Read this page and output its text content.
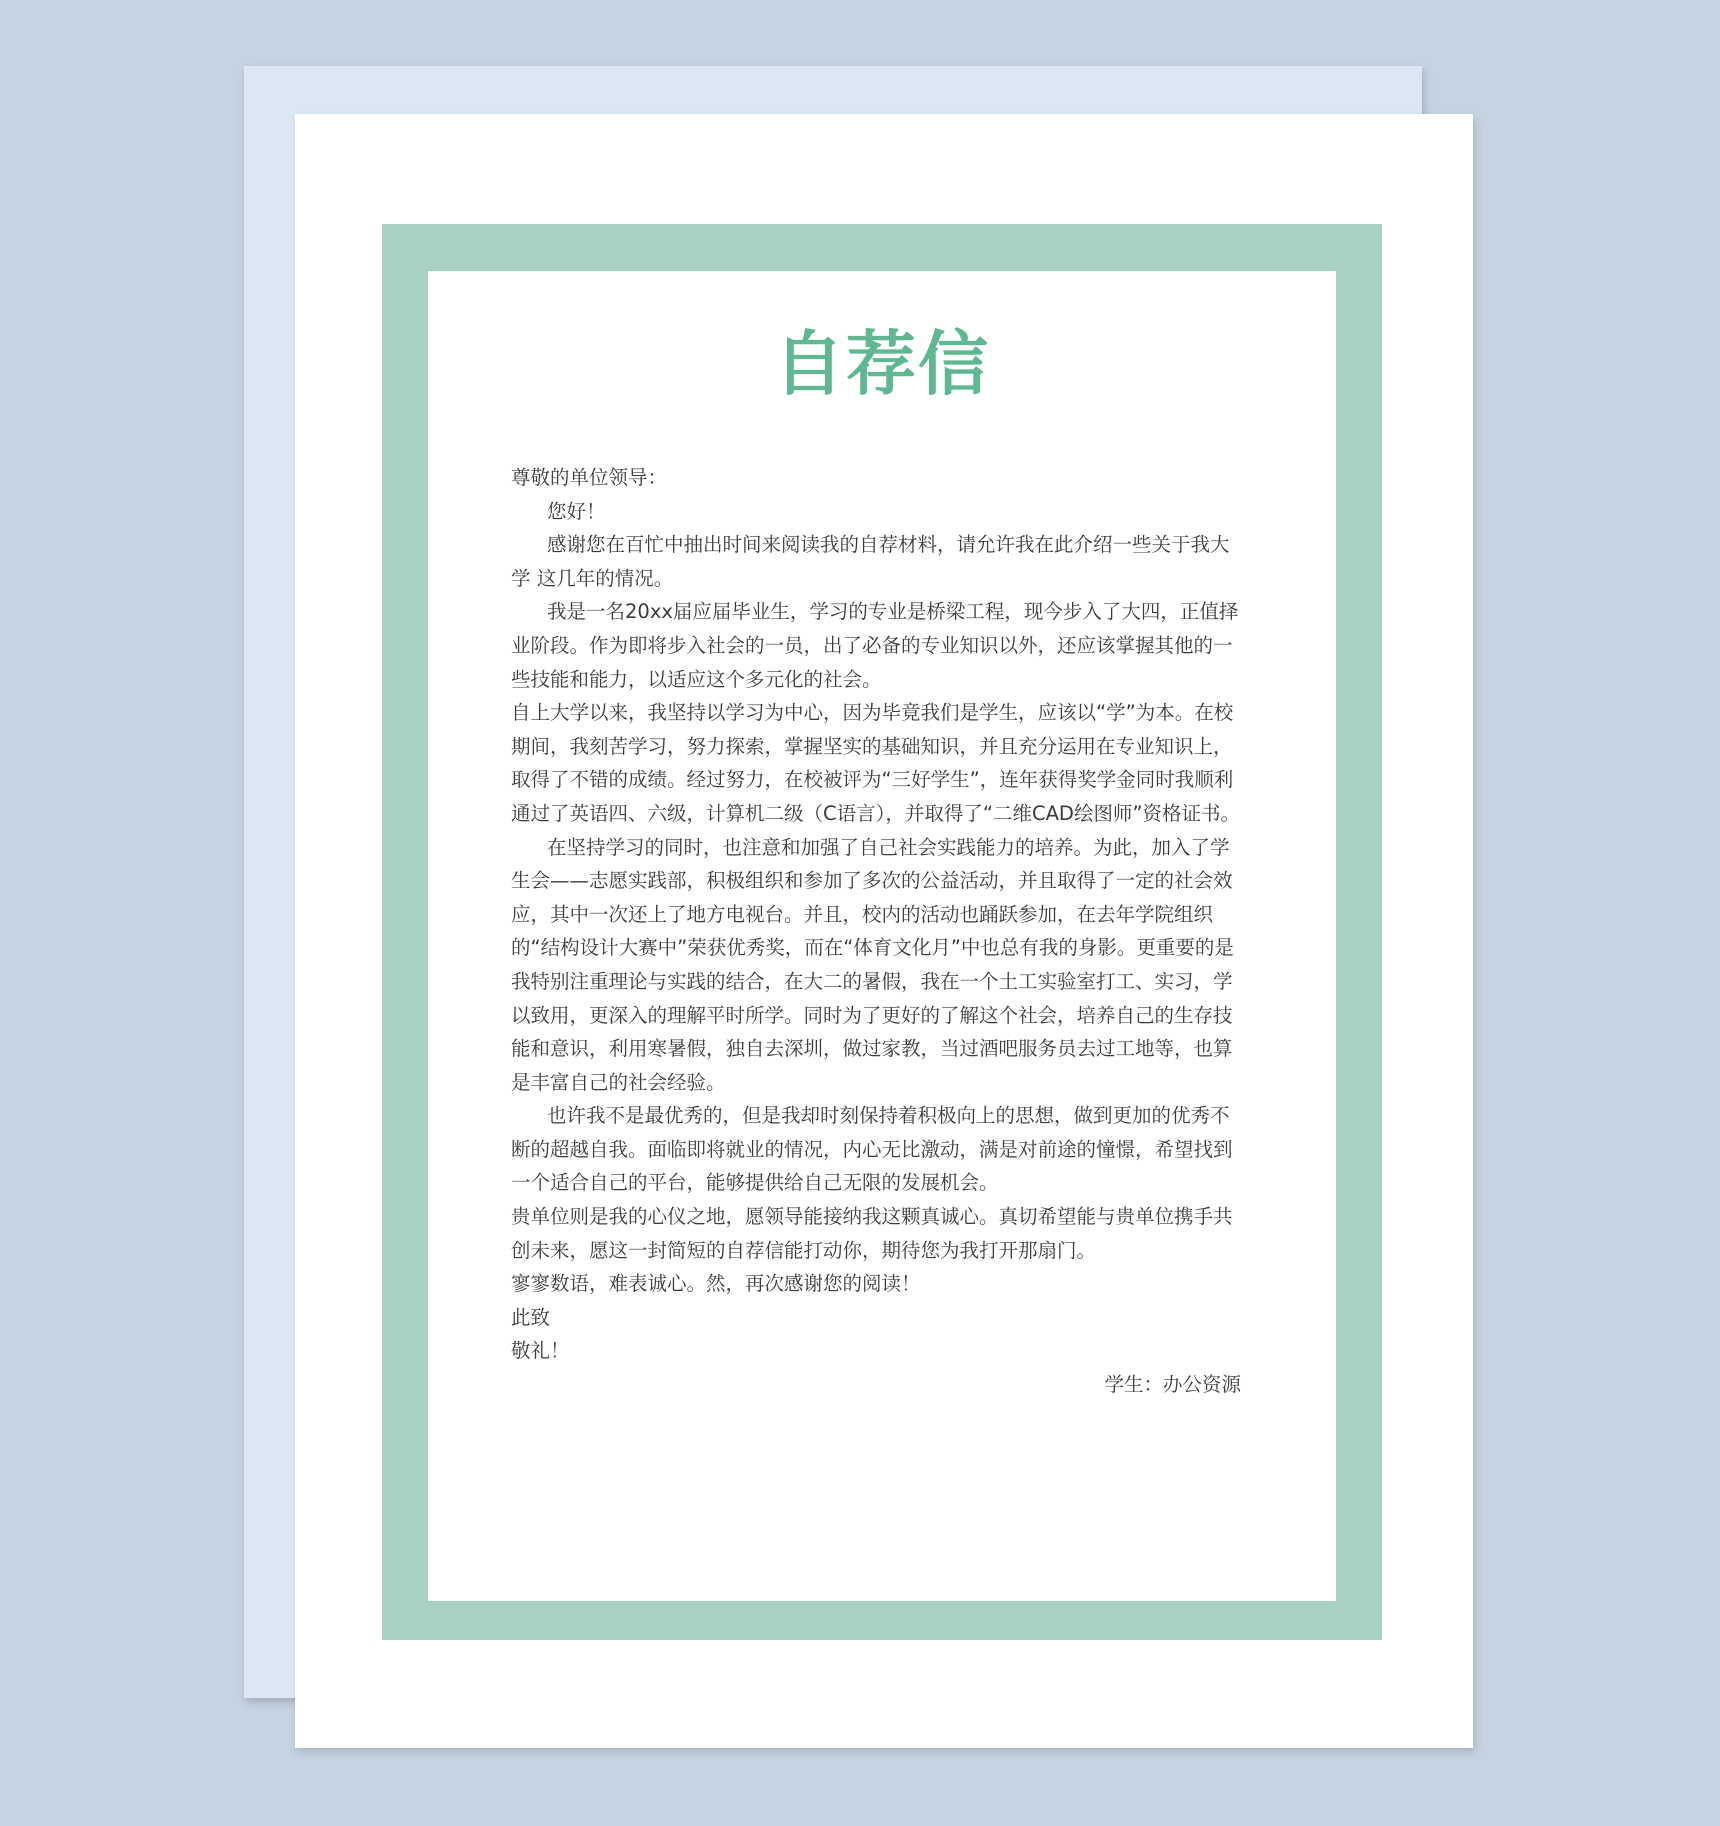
自荐信

尊敬的单位领导：

您好！

感谢您在百忙中抽出时间来阅读我的自荐材料，请允许我在此介绍一些关于我大学 这几年的情况。

我是一名20xx届应届毕业生，学习的专业是桥梁工程，现今步入了大四，正值择业阶段。作为即将步入社会的一员，出了必备的专业知识以外，还应该掌握其他的一些技能和能力，以适应这个多元化的社会。

自上大学以来，我坚持以学习为中心，因为毕竟我们是学生，应该以“学”为本。在校期间，我刻苦学习，努力探索，掌握坚实的基础知识，并且充分运用在专业知识上，取得了不错的成绩。经过努力，在校被评为“三好学生”，连年获得奖学金同时我顺利通过了英语四、六级，计算机二级（C语言），并取得了“二维CAD绘图师”资格证书。

在坚持学习的同时，也注意和加强了自己社会实践能力的培养。为此，加入了学生会——志愿实践部，积极组织和参加了多次的公益活动，并且取得了一定的社会效应，其中一次还上了地方电视台。并且，校内的活动也踊跃参加，在去年学院组织的“结构设计大赛中”荣获优秀奖，而在“体育文化月”中也总有我的身影。更重要的是我特别注重理论与实践的结合，在大二的暑假，我在一个土工实验室打工、实习，学以致用，更深入的理解平时所学。同时为了更好的了解这个社会，培养自己的生存技能和意识，利用寒暑假，独自去深圳，做过家教，当过酒吧服务员去过工地等，也算是丰富自己的社会经验。

也许我不是最优秀的，但是我却时刻保持着积极向上的思想，做到更加的优秀不断的超越自我。面临即将就业的情况，内心无比激动，满是对前途的憧憬，希望找到一个适合自己的平台，能够提供给自己无限的发展机会。

贵单位则是我的心仪之地，愿领导能接纳我这颗真诚心。真切希望能与贵单位携手共创未来，愿这一封简短的自荐信能打动你，期待您为我打开那扇门。

寥寥数语，难表诚心。然，再次感谢您的阅读！

此致

敬礼！

学生：办公资源
